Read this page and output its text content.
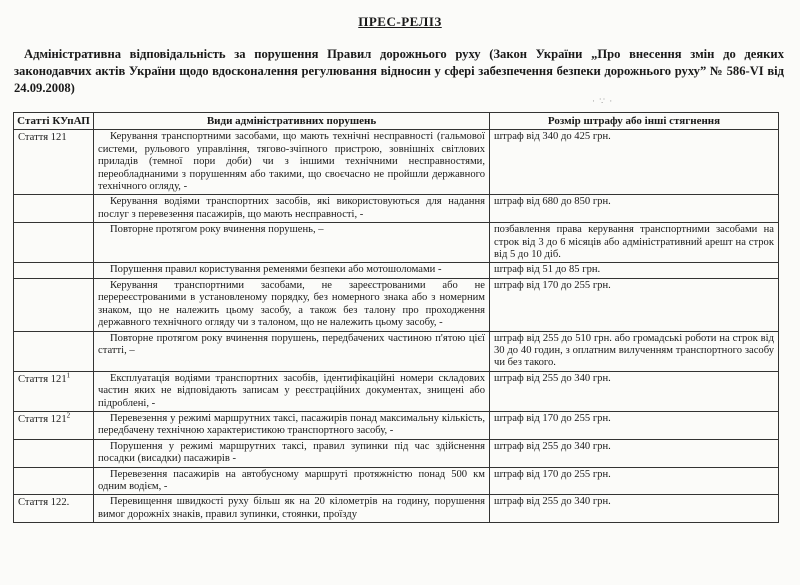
ПРЕС-РЕЛІЗ
Адміністративна відповідальність за порушення Правил дорожнього руху (Закон України „Про внесення змін до деяких законодавчих актів України щодо вдосконалення регулювання відносин у сфері забезпечення безпеки дорожнього руху” № 586-VI від 24.09.2008)
· ∵ ·
Статті КУпАП	Види адміністративних порушень	Розмір штрафу або інші стягнення
Стаття 121	Керування транспортними засобами, що мають технічні несправності (гальмової системи, рульового управління, тягово-зчіпного пристрою, зовнішніх світлових приладів (темної пори доби) чи з іншими технічними несправностями, переобладнаними з порушенням або такими, що своєчасно не пройшли державного технічного огляду, -	штраф від 340 до 425 грн.
	Керування водіями транспортних засобів, які використовуються для надання послуг з перевезення пасажирів, що мають несправності, -	штраф від 680 до 850 грн.
	Повторне протягом року вчинення порушень, –	позбавлення права керування транспортними засобами на строк від 3 до 6 місяців або адміністративний арешт на строк від 5 до 10 діб.
	Порушення правил користування ременями безпеки або мотошоломами -	штраф від 51 до 85 грн.
	Керування транспортними засобами, не зареєстрованими або не перереєстрованими в установленому порядку, без номерного знака або з номерним знаком, що не належить цьому засобу, а також без талону про проходження державного технічного огляду чи з талоном, що не належить цьому засобу, -	штраф від 170 до 255 грн.
	Повторне протягом року вчинення порушень, передбачених частиною п'ятою цієї статті, –	штраф від 255 до 510 грн. або громадські роботи на строк від 30 до 40 годин, з оплатним вилученням транспортного засобу чи без такого.
Стаття $121^1$	Експлуатація водіями транспортних засобів, ідентифікаційні номери складових частин яких не відповідають записам у реєстраційних документах, знищені або підроблені, -	штраф від 255 до 340 грн.
Стаття $121^2$	Перевезення у режимі маршрутних таксі, пасажирів понад максимальну кількість, передбачену технічною характеристикою транспортного засобу, -	штраф від 170 до 255 грн.
	Порушення у режимі маршрутних таксі, правил зупинки під час здійснення посадки (висадки) пасажирів -	штраф від 255 до 340 грн.
	Перевезення пасажирів на автобусному маршруті протяжністю понад 500 км одним водієм, -	штраф від 170 до 255 грн.
Стаття 122.	Перевищення швидкості руху більш як на 20 кілометрів на годину, порушення вимог дорожніх знаків, правил зупинки, стоянки, проїзду	штраф від 255 до 340 грн.
